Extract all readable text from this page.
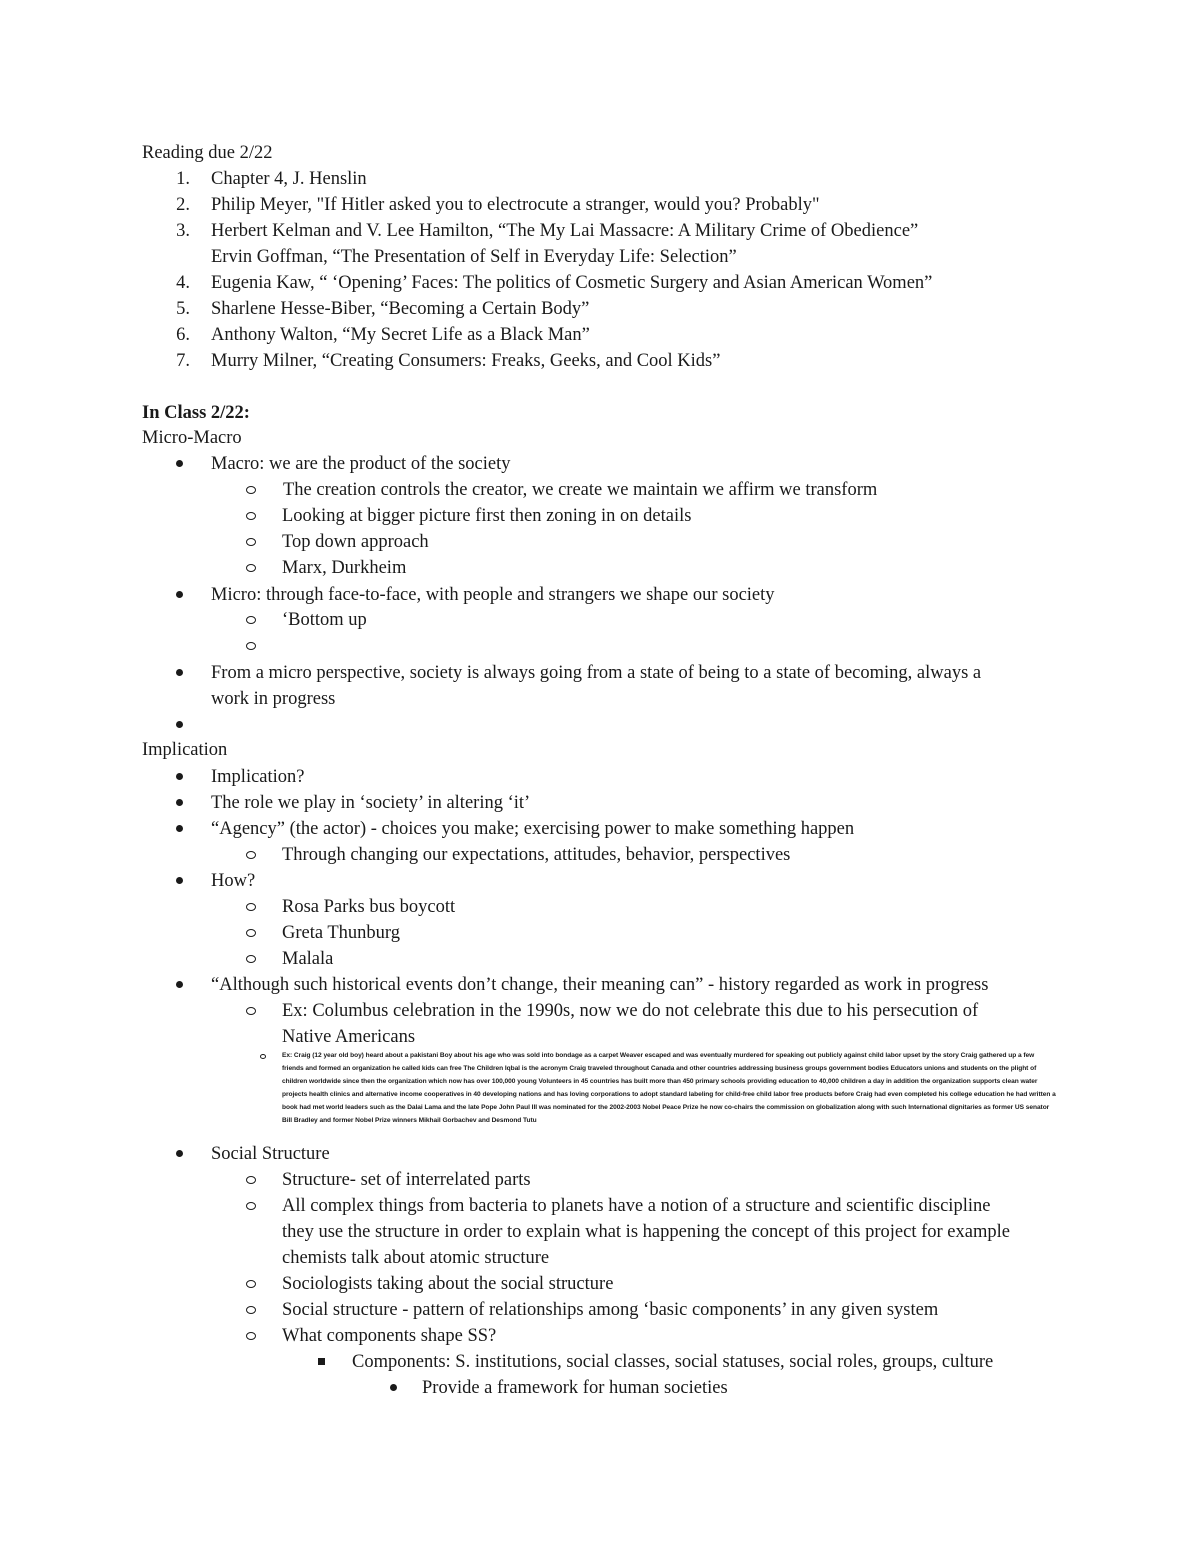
Reading due 2/22
1. Chapter 4, J. Henslin
2. Philip Meyer, "If Hitler asked you to electrocute a stranger, would you? Probably"
3. Herbert Kelman and V. Lee Hamilton, “The My Lai Massacre: A Military Crime of Obedience”
Ervin Goffman, “The Presentation of Self in Everyday Life: Selection”
4. Eugenia Kaw, “ ‘Opening’ Faces: The politics of Cosmetic Surgery and Asian American Women”
5. Sharlene Hesse-Biber, “Becoming a Certain Body”
6. Anthony Walton, “My Secret Life as a Black Man”
7. Murry Milner, “Creating Consumers: Freaks, Geeks, and Cool Kids”
In Class 2/22:
Micro-Macro
Macro: we are the product of the society
The creation controls the creator, we create we maintain we affirm we transform
Looking at bigger picture first then zoning in on details
Top down approach
Marx, Durkheim
Micro: through face-to-face, with people and strangers we shape our society
‘Bottom up
From a micro perspective, society is always going from a state of being to a state of becoming, always a
work in progress
Implication
Implication?
The role we play in ‘society’ in altering ‘it’
“Agency” (the actor) - choices you make; exercising power to make something happen
Through changing our expectations, attitudes, behavior, perspectives
How?
Rosa Parks bus boycott
Greta Thunburg
Malala
“Although such historical events don’t change, their meaning can” - history regarded as work in progress
Ex: Columbus celebration in the 1990s, now we do not celebrate this due to his persecution of
Native Americans
Ex: Craig (12 year old boy) heard about a pakistani Boy about his age who was sold into bondage as a carpet Weaver escaped and was eventually murdered for speaking out publicly against child labor upset by the story Craig gathered up a few friends and formed an organization he called kids can free The Children Iqbal is the acronym Craig traveled throughout Canada and other countries addressing business groups government bodies Educators unions and students on the plight of children worldwide since then the organization which now has over 100,000 young Volunteers in 45 countries has built more than 450 primary schools providing education to 40,000 children a day in addition the organization supports clean water projects health clinics and alternative income cooperatives in 40 developing nations and has loving corporations to adopt standard labeling for child-free child labor free products before Craig had even completed his college education he had written a book had met world leaders such as the Dalai Lama and the late Pope John Paul III was nominated for the 2002-2003 Nobel Peace Prize he now co-chairs the commission on globalization along with such International dignitaries as former US senator Bill Bradley and former Nobel Prize winners Mikhail Gorbachev and Desmond Tutu
Social Structure
Structure- set of interrelated parts
All complex things from bacteria to planets have a notion of a structure and scientific discipline
they use the structure in order to explain what is happening the concept of this project for example
chemists talk about atomic structure
Sociologists taking about the social structure
Social structure - pattern of relationships among ‘basic components’ in any given system
What components shape SS?
Components: S. institutions, social classes, social statuses, social roles, groups, culture
Provide a framework for human societies
